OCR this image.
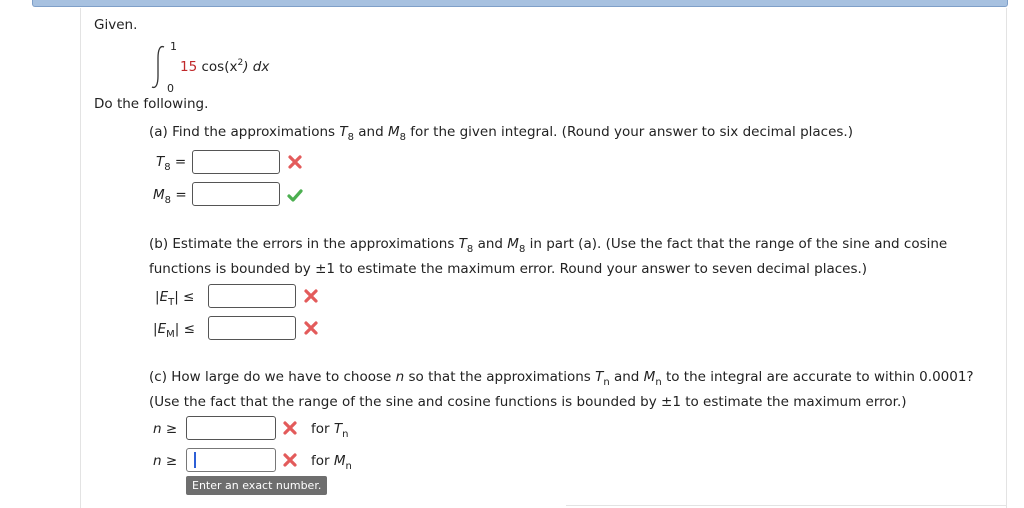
Given.
1
0
15 $\cos(x^2)$ dx
Do the following.
(a) Find the approximations $T_8$ and $M_8$ for the given integral. (Round your answer to six decimal places.)
$T_8$ =
$M_8$ =
(b) Estimate the errors in the approximations $T_8$ and $M_8$ in part (a). (Use the fact that the range of the sine and cosine
functions is bounded by ±1 to estimate the maximum error. Round your answer to seven decimal places.)
$|E_T|$ ≤
$|E_M|$ ≤
(c) How large do we have to choose n so that the approximations $T_n$ and $M_n$ to the integral are accurate to within 0.0001?
(Use the fact that the range of the sine and cosine functions is bounded by ±1 to estimate the maximum error.)
n ≥	for $T_n$
n ≥	for $M_n$
Enter an exact number.
